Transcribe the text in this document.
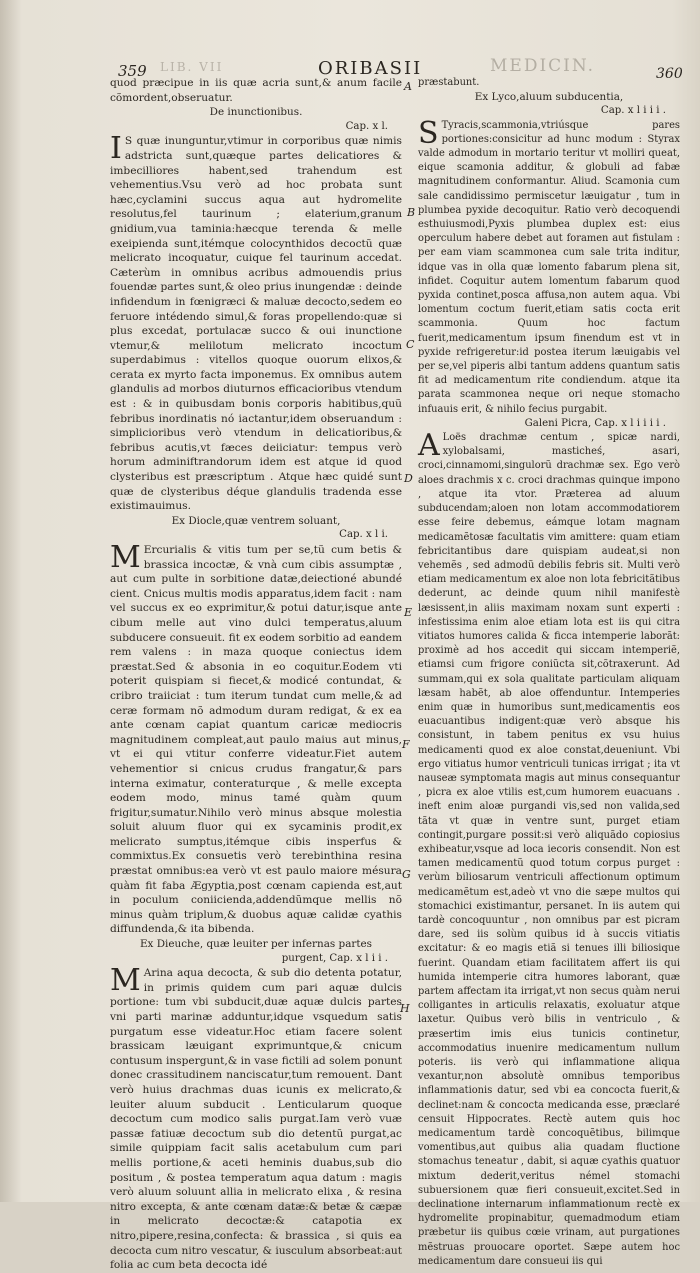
359 LIB. VII	ORIBASII	MEDICIN.	360

quod præcipue in iis quæ acria sunt,& anum facile cõmordent,obseruatur.

De inunctionibus.

Cap. x l.

I S quæ inunguntur,vtimur in corporibus quæ nimis adstricta sunt,quæque partes delicatiores & imbecilliores habent,sed trahendum est vehementius.Vsu verò ad hoc probata sunt hæc,cyclamini succus aqua aut hydromelite resolutus,fel taurinum ; elaterium,granum gnidium,vua taminia:hæcque terenda & melle exeipienda sunt,itémque colocynthidos decoctũ quæ melicrato incoquatur, cuique fel taurinum accedat. Cæterùm in omnibus acribus admouendis prius fouendæ partes sunt,& oleo prius inungendæ : deinde infidendum in fœnigræci & maluæ decocto,sedem eo feruore intédendo simul,& foras propellendo:quæ si plus excedat, portulacæ succo & oui inunctione vtemur,& melilotum melicrato incoctum superdabimus : vitellos quoque ouorum elixos,& cerata ex myrto facta imponemus. Ex omnibus autem glandulis ad morbos diuturnos efficacioribus vtendum est : & in quibusdam bonis corporis habitibus,quũ febribus inordinatis nó iactantur,idem obseruandum : simplicioribus verò vtendum in delicatioribus,& febribus acutis,vt fæces deiiciatur: tempus verò horum adminiftrandorum idem est atque id quod clysteribus est præscriptum . Atque hæc quidé sunt quæ de clysteribus déque glandulis tradenda esse existimauimus.

Ex Diocle,quæ ventrem soluant,

Cap. x l i.

M Ercurialis & vitis tum per se,tũ cum betis & brassica incoctæ, & vnà cum cibis assumptæ , aut cum pulte in sorbitione datæ,deiectioné abundé cient. Cnicus multis modis apparatus,idem facit : nam vel succus ex eo exprimitur,& potui datur,isque ante cibum melle aut vino dulci temperatus,aluum subducere consueuit. fit ex eodem sorbitio ad eandem rem valens : in maza quoque coniectus idem præstat.Sed & absonia in eo coquitur.Eodem vti poterit quispiam si fiecet,& modicé contundat, & cribro traiiciat : tum iterum tundat cum melle,& ad ceræ formam nõ admodum duram redigat, & ex ea ante cœnam capiat quantum caricæ mediocris magnitudinem compleat,aut paulo maius aut minus, vt ei qui vtitur conferre videatur.Fiet autem vehementior si cnicus crudus frangatur,& pars interna eximatur, conteraturque , & melle excepta eodem modo, minus tamé quàm quum frigitur,sumatur.Nihilo verò minus absque molestia soluit aluum fluor qui ex sycaminis prodit,ex melicrato sumptus,itémque cibis insperfus & commixtus.Ex consuetis verò terebinthina resina præstat omnibus:ea verò vt est paulo maiore mésura quàm fit faba Ægyptia,post cœnam capienda est,aut in poculum coniicienda,addendũmque mellis nõ minus quàm triplum,& duobus aquæ calidæ cyathis diffundenda,& ita bibenda.

Ex Dieuche, quæ leuiter per infernas partes

purgent, Cap. x l i i .

M Arina aqua decocta, & sub dio detenta potatur, in primis quidem cum pari aquæ dulcis portione: tum vbi subducit,duæ aquæ dulcis partes vni parti marinæ adduntur,idque vsquedum satis purgatum esse videatur.Hoc etiam facere solent brassicam læuigant exprimuntque,& cnicum contusum inspergunt,& in vase fictili ad solem ponunt donec crassitudinem nanciscatur,tum remouent. Dant verò huius drachmas duas icunis ex melicrato,& leuiter aluum subducit . Lenticularum quoque decoctum cum modico salis purgat.Iam verò vuæ passæ fatiuæ decoctum sub dio detentũ purgat,ac simile quippiam facit salis acetabulum cum pari mellis portione,& aceti heminis duabus,sub dio positum , & postea temperatum aqua datum : magis verò aluum soluunt allia in melicrato elixa , & resina nitro excepta, & ante cœnam datæ:& betæ & cæpæ in melicrato decoctæ:& catapotia ex nitro,pipere,resina,confecta: & brassica , si quis ea decocta cum nitro vescatur, & iusculum absorbeat:aut folia ac cum beta decocta idé

præstabunt.

Ex Lyco,aluum subducentia,

Cap. x l i i i .

S Tyracis,scammonia,vtriúsque pares portiones:consicitur ad hunc modum : Styrax valde admodum in mortario teritur vt molliri queat, eique scamonia additur, & globuli ad fabæ magnitudinem conformantur. Aliud. Scamonia cum sale candidissimo permiscetur læuigatur , tum in plumbea pyxide decoquitur. Ratio verò decoquendi esthuiusmodi,Pyxis plumbea duplex est: eius operculum habere debet aut foramen aut fistulam : per eam viam scammonea cum sale trita inditur, idque vas in olla quæ lomento fabarum plena sit, infidet. Coquitur autem lomentum fabarum quod pyxida continet,posca affusa,non autem aqua. Vbi lomentum coctum fuerit,etiam satis cocta erit scammonia. Quum hoc factum fuerit,medicamentum ipsum finendum est vt in pyxide refrigeretur:id postea iterum læuigabis vel per se,vel piperis albi tantum addens quantum satis fit ad medicamentum rite condiendum. atque ita parata scammonea neque ori neque stomacho infuauis erit, & nihilo fecius purgabit.

Galeni Picra, Cap. x l i i i i .

A Loës drachmæ centum , spicæ nardi, xylobalsami, masticheś, asari, croci,cinnamomi,singulorũ drachmæ sex. Ego verò aloes drachmis x c. croci drachmas quinque impono , atque ita vtor. Præterea ad aluum subducendam;aloen non lotam accommodatiorem esse feire debemus, eámque lotam magnam medicamẽtosæ facultatis vim amittere: quam etiam febricitantibus dare quispiam audeat,si non vehemẽs , sed admodũ debilis febris sit. Multi verò etiam medicamentum ex aloe non lota febricitãtibus dederunt, ac deinde quum nihil manifestè læsissent,in aliis maximam noxam sunt experti : infestissima enim aloe etiam lota est iis qui citra vitiatos humores calida & ficca intemperie laborãt: proximè ad hos accedit qui siccam intemperiẽ, etiamsi cum frigore coniũcta sit,cõtraxerunt. Ad summam,qui ex sola qualitate particulam aliquam læsam habẽt, ab aloe offenduntur. Intemperies enim quæ in humoribus sunt,medicamentis eos euacuantibus indigent:quæ verò absque his consistunt, in tabem penitus ex vsu huius medicamenti quod ex aloe constat,deueniunt. Vbi ergo vitiatus humor ventriculi tunicas irrigat ; ita vt nauseæ symptomata magis aut minus consequantur , picra ex aloe vtilis est,cum humorem euacuans . ineft enim aloæ purgandi vis,sed non valida,sed tãta vt quæ in ventre sunt, purget etiam contingit,purgare possit:si verò aliquãdo copiosius exhibeatur,vsque ad loca iecoris consendit. Non est tamen medicamentũ quod totum corpus purget : verùm biliosarum ventriculi affectionum optimum medicamẽtum est,adeò vt vno die sæpe multos qui stomachici existimantur, persanet. In iis autem qui tardè concoquuntur , non omnibus par est picram dare, sed iis solùm quibus id à succis vitiatis excitatur: & eo magis etiã si tenues illi biliosique fuerint. Quandam etiam facilitatem affert iis qui humida intemperie citra humores laborant, quæ partem affectam ita irrigat,vt non secus quàm nerui colligantes in articulis relaxatis, exoluatur atque laxetur. Quibus verò bilis in ventriculo , & præsertim imis eius tunicis continetur, accommodatius inuenire medicamentum nullum poteris. iis verò qui inflammatione aliqua vexantur,non absolutè omnibus temporibus inflammationis datur, sed vbi ea concocta fuerit,& declinet:nam & concocta medicanda esse, præclaré censuit Hippocrates. Rectè autem quis hoc medicamentum tardè concoquẽtibus, bilimque vomentibus,aut quibus alia quadam fluctione stomachus teneatur , dabit, si aquæ cyathis quatuor mixtum dederit,veritus némel stomachi subuersionem quæ fieri consueuit,excitet.Sed in declinatione internarum inflammationum rectè ex hydromelite propinabitur, quemadmodum etiam præbetur iis quibus cœie vrinam, aut purgationes mẽstruas prouocare oportet. Sæpe autem hoc medicamentum dare consueui iis qui

A
B
C
D
E
F
G
H
